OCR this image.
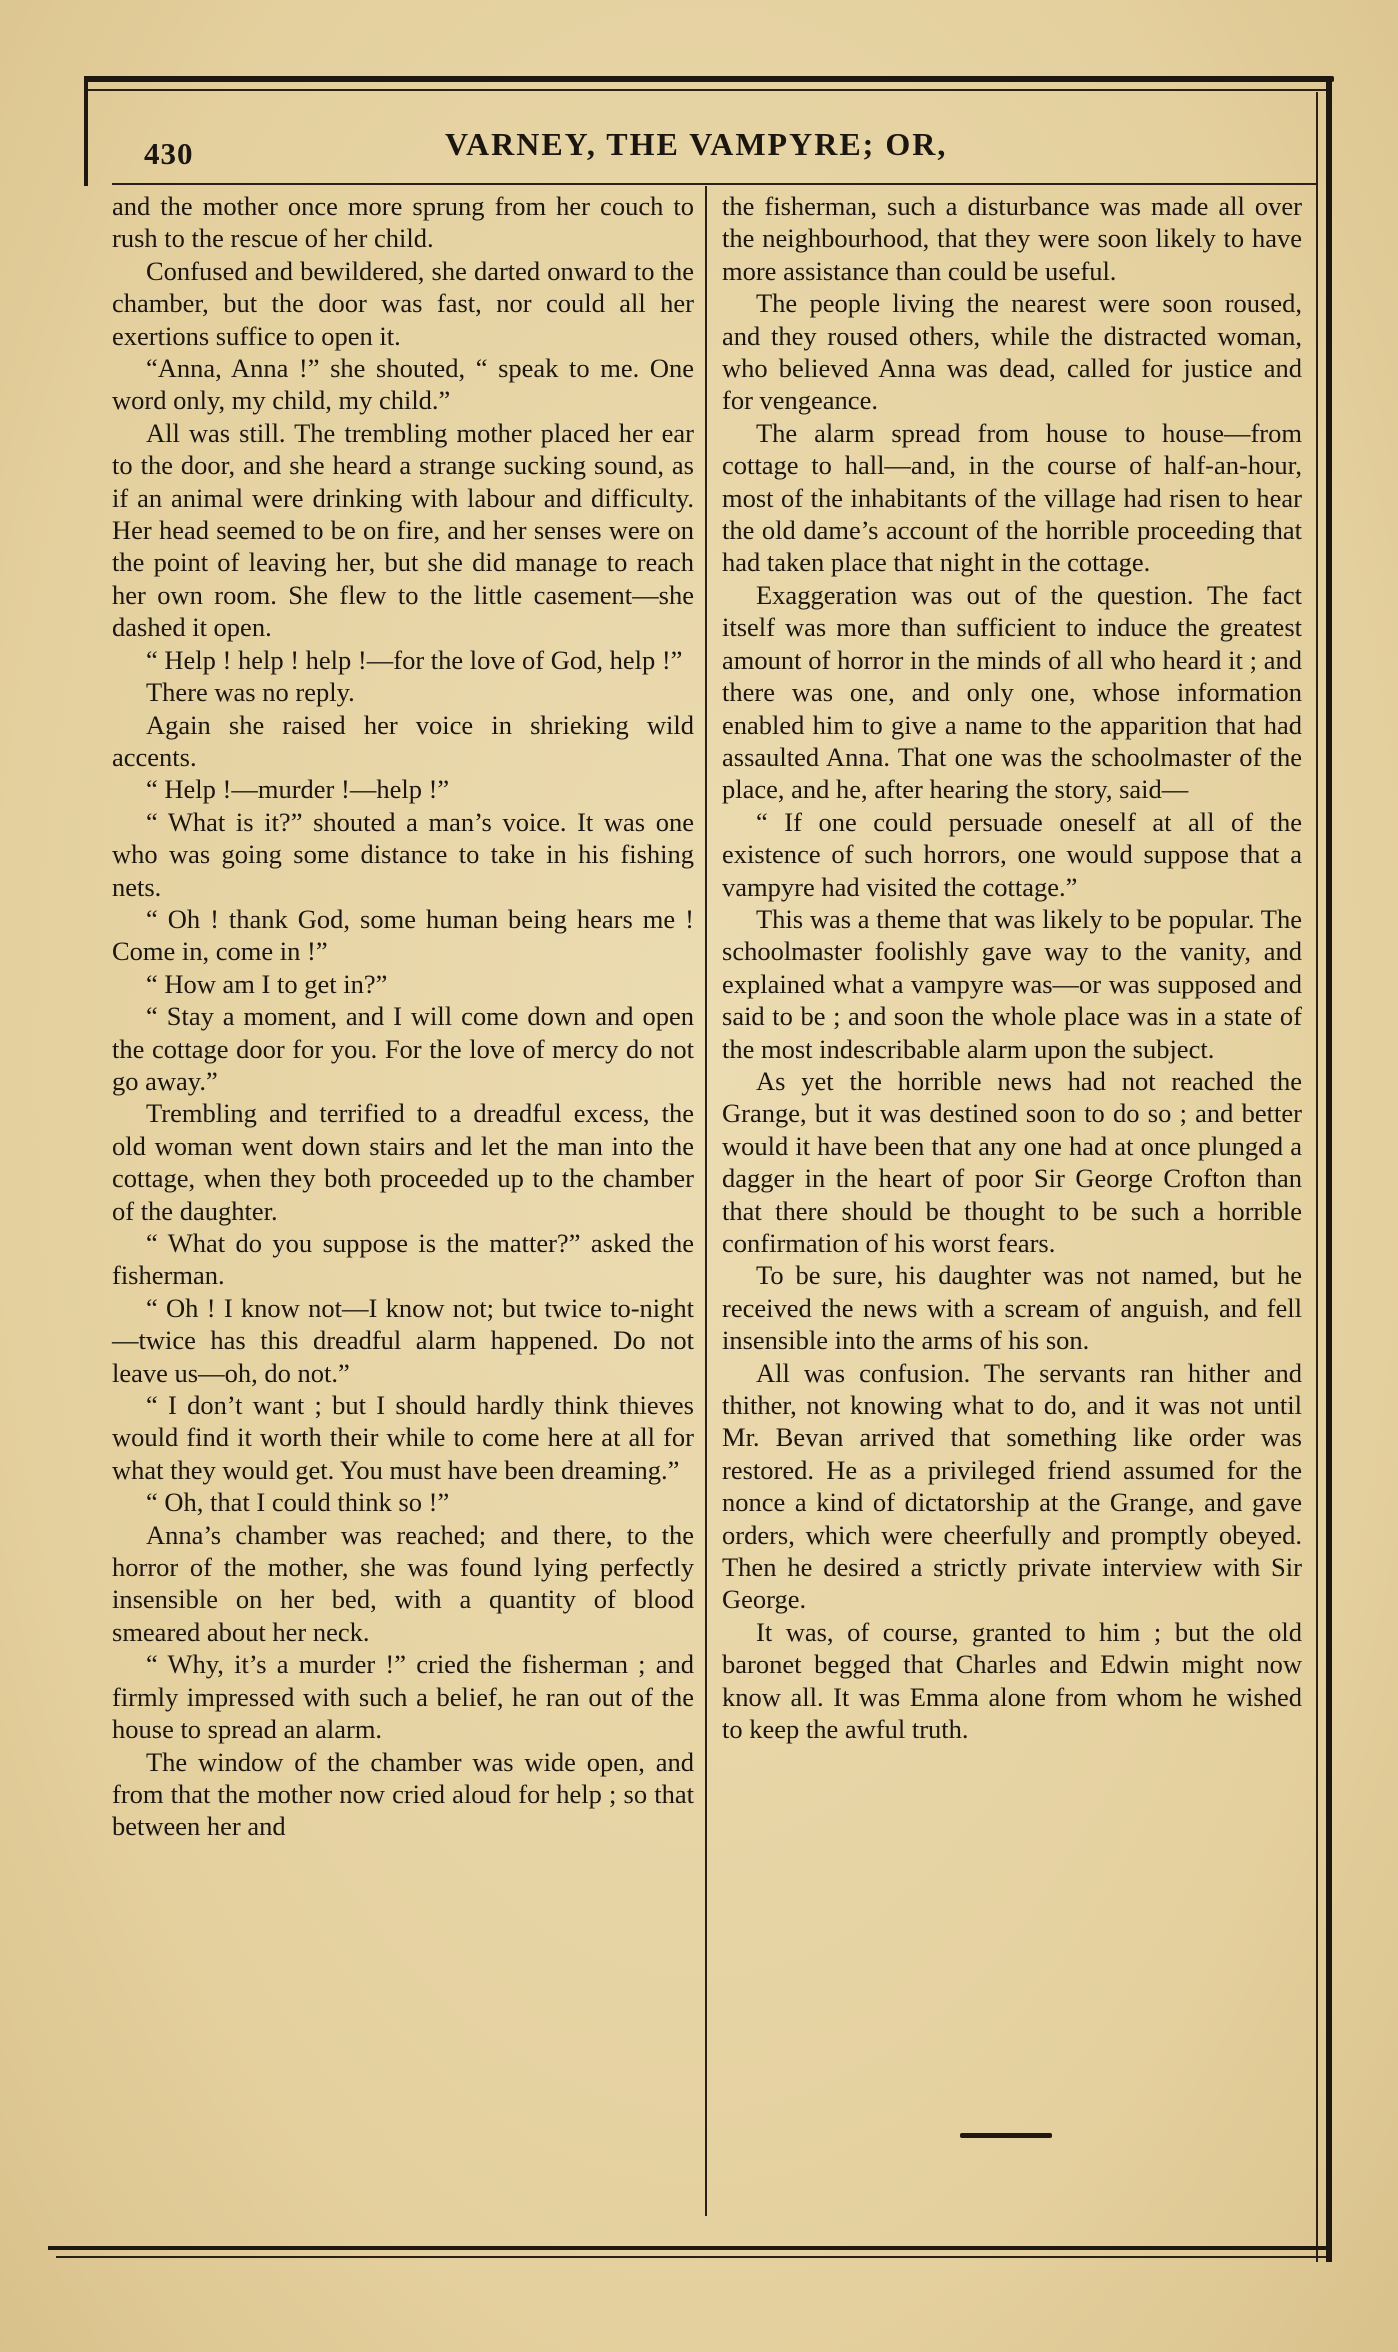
430	VARNEY, THE VAMPYRE; OR,

and the mother once more sprung from her couch to rush to the rescue of her child.

Confused and bewildered, she darted onward to the chamber, but the door was fast, nor could all her exertions suffice to open it.

“Anna, Anna !” she shouted, “ speak to me. One word only, my child, my child.”

All was still. The trembling mother placed her ear to the door, and she heard a strange sucking sound, as if an animal were drinking with labour and difficulty. Her head seemed to be on fire, and her senses were on the point of leaving her, but she did manage to reach her own room. She flew to the little casement—she dashed it open.

“ Help ! help ! help !—for the love of God, help !”

There was no reply.

Again she raised her voice in shrieking wild accents.

“ Help !—murder !—help !”

“ What is it?” shouted a man’s voice. It was one who was going some distance to take in his fishing nets.

“ Oh ! thank God, some human being hears me ! Come in, come in !”

“ How am I to get in?”

“ Stay a moment, and I will come down and open the cottage door for you. For the love of mercy do not go away.”

Trembling and terrified to a dreadful excess, the old woman went down stairs and let the man into the cottage, when they both proceeded up to the chamber of the daughter.

“ What do you suppose is the matter?” asked the fisherman.

“ Oh ! I know not—I know not; but twice to-night—twice has this dreadful alarm happened. Do not leave us—oh, do not.”

“ I don’t want ; but I should hardly think thieves would find it worth their while to come here at all for what they would get. You must have been dreaming.”

“ Oh, that I could think so !”

Anna’s chamber was reached; and there, to the horror of the mother, she was found lying perfectly insensible on her bed, with a quantity of blood smeared about her neck.

“ Why, it’s a murder !” cried the fisherman ; and firmly impressed with such a belief, he ran out of the house to spread an alarm.

The window of the chamber was wide open, and from that the mother now cried aloud for help ; so that between her and

the fisherman, such a disturbance was made all over the neighbourhood, that they were soon likely to have more assistance than could be useful.

The people living the nearest were soon roused, and they roused others, while the distracted woman, who believed Anna was dead, called for justice and for vengeance.

The alarm spread from house to house—from cottage to hall—and, in the course of half-an-hour, most of the inhabitants of the village had risen to hear the old dame’s account of the horrible proceeding that had taken place that night in the cottage.

Exaggeration was out of the question. The fact itself was more than sufficient to induce the greatest amount of horror in the minds of all who heard it ; and there was one, and only one, whose information enabled him to give a name to the apparition that had assaulted Anna. That one was the schoolmaster of the place, and he, after hearing the story, said—

“ If one could persuade oneself at all of the existence of such horrors, one would suppose that a vampyre had visited the cottage.”

This was a theme that was likely to be popular. The schoolmaster foolishly gave way to the vanity, and explained what a vampyre was—or was supposed and said to be ; and soon the whole place was in a state of the most indescribable alarm upon the subject.

As yet the horrible news had not reached the Grange, but it was destined soon to do so ; and better would it have been that any one had at once plunged a dagger in the heart of poor Sir George Crofton than that there should be thought to be such a horrible confirmation of his worst fears.

To be sure, his daughter was not named, but he received the news with a scream of anguish, and fell insensible into the arms of his son.

All was confusion. The servants ran hither and thither, not knowing what to do, and it was not until Mr. Bevan arrived that something like order was restored. He as a privileged friend assumed for the nonce a kind of dictatorship at the Grange, and gave orders, which were cheerfully and promptly obeyed. Then he desired a strictly private interview with Sir George.

It was, of course, granted to him ; but the old baronet begged that Charles and Edwin might now know all. It was Emma alone from whom he wished to keep the awful truth.
